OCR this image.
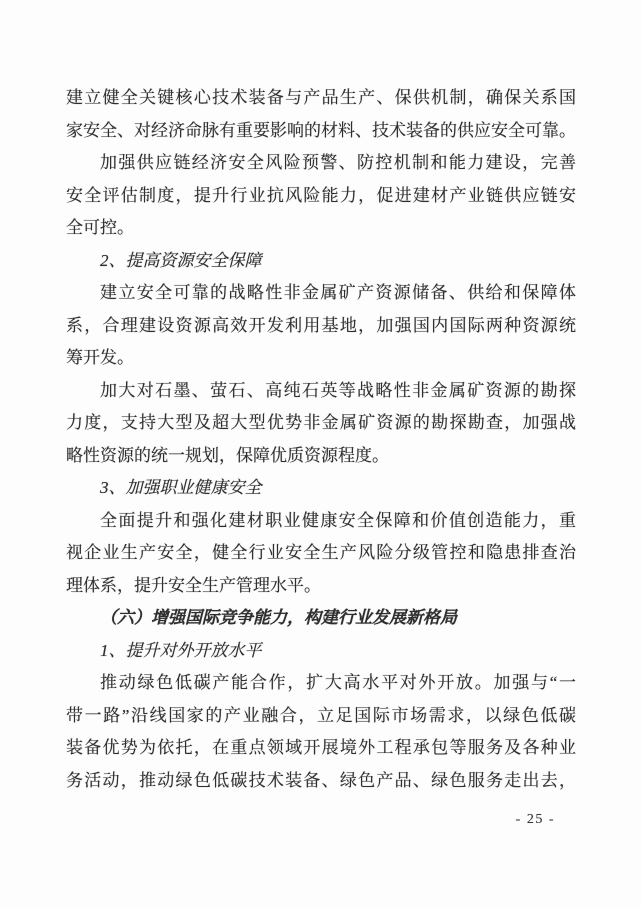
建立健全关键核心技术装备与产品生产、保供机制，确保关系国
家安全、对经济命脉有重要影响的材料、技术装备的供应安全可靠。
加强供应链经济安全风险预警、防控机制和能力建设，完善
安全评估制度，提升行业抗风险能力，促进建材产业链供应链安
全可控。
2、提高资源安全保障
建立安全可靠的战略性非金属矿产资源储备、供给和保障体
系，合理建设资源高效开发利用基地，加强国内国际两种资源统
筹开发。
加大对石墨、萤石、高纯石英等战略性非金属矿资源的勘探
力度，支持大型及超大型优势非金属矿资源的勘探勘查，加强战
略性资源的统一规划，保障优质资源程度。
3、加强职业健康安全
全面提升和强化建材职业健康安全保障和价值创造能力，重
视企业生产安全，健全行业安全生产风险分级管控和隐患排查治
理体系，提升安全生产管理水平。
（六）增强国际竞争能力，构建行业发展新格局
1、提升对外开放水平
推动绿色低碳产能合作，扩大高水平对外开放。加强与“一
带一路”沿线国家的产业融合，立足国际市场需求，以绿色低碳
装备优势为依托，在重点领域开展境外工程承包等服务及各种业
务活动，推动绿色低碳技术装备、绿色产品、绿色服务走出去，
- 25 -
